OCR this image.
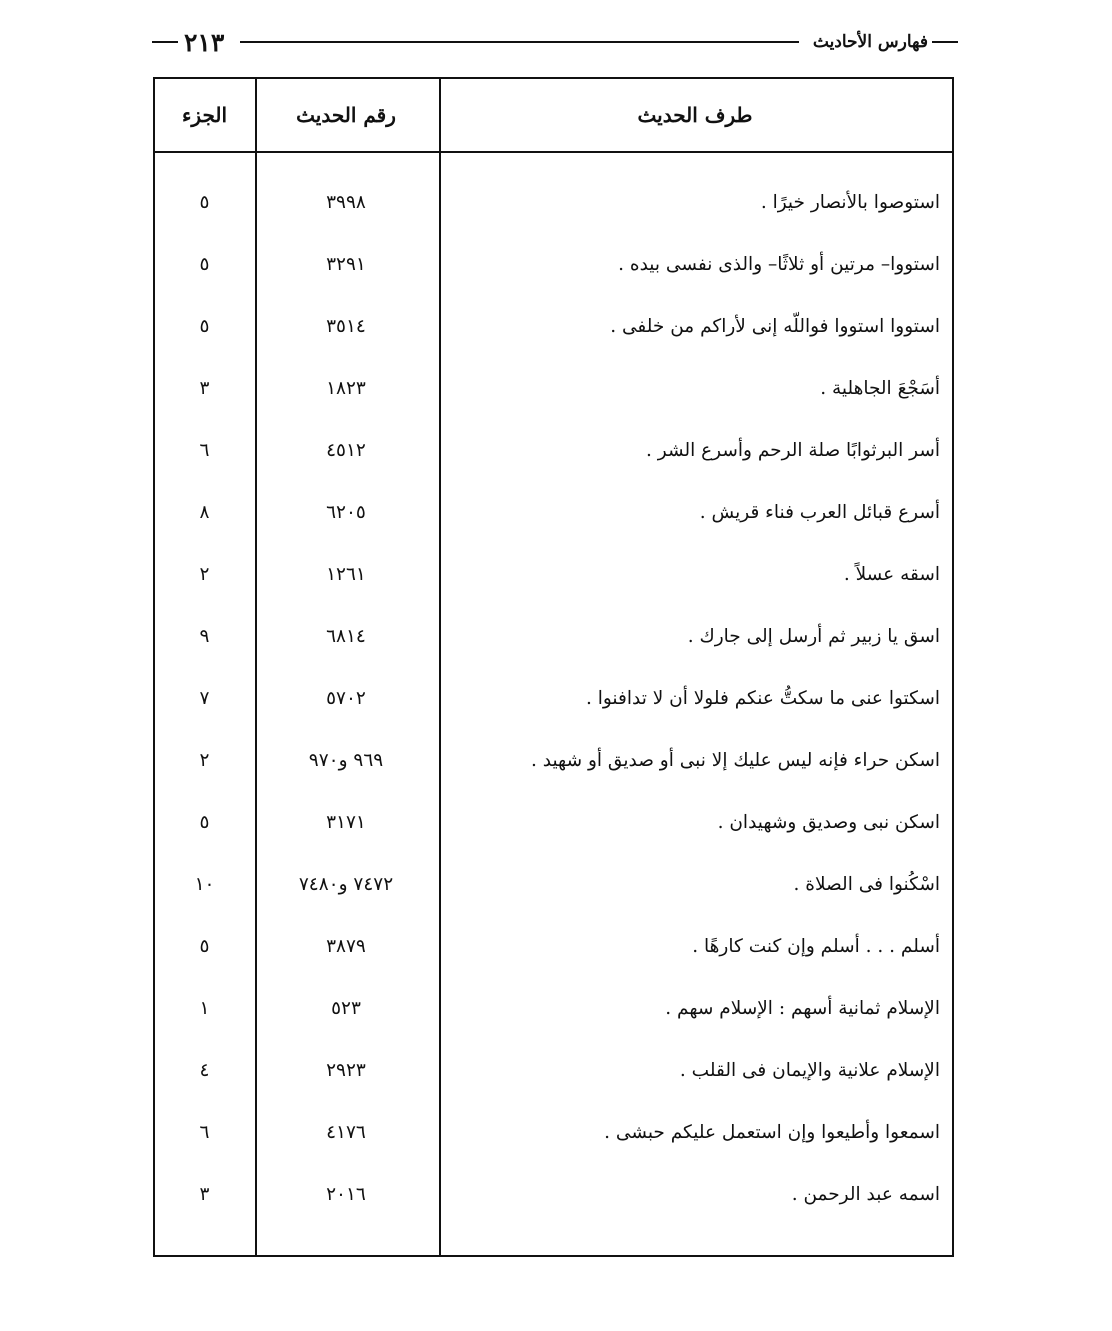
فهارس الأحاديث
٢١٣
طرف الحديث
رقم الحديث
الجزء
استوصوا بالأنصار خيرًا .
٣٩٩٨
٥
استووا– مرتين أو ثلاثًا– والذى نفسى بيده .
٣٢٩١
٥
استووا استووا فواللّه إنى لأراكم من خلفى .
٣٥١٤
٥
أسَجْعَ الجاهلية .
١٨٢٣
٣
أسر البرثوابًا صلة الرحم وأسرع الشر .
٤٥١٢
٦
أسرع قبائل العرب فناء قريش .
٦٢٠٥
٨
اسقه عسلاً .
١٢٦١
٢
اسق يا زبير ثم أرسل إلى جارك .
٦٨١٤
٩
اسكتوا عنى ما سكتُّ عنكم فلولا أن لا تدافنوا .
٥٧٠٢
٧
اسكن حراء فإنه ليس عليك إلا نبى أو صديق أو شهيد .
٩٦٩ و٩٧٠
٢
اسكن نبى وصديق وشهيدان .
٣١٧١
٥
اسْكُنوا فى الصلاة .
٧٤٧٢ و٧٤٨٠
١٠
أسلم . . . أسلم وإن كنت كارهًا .
٣٨٧٩
٥
الإسلام ثمانية أسهم : الإسلام سهم .
٥٢٣
١
الإسلام علانية والإيمان فى القلب .
٢٩٢٣
٤
اسمعوا وأطيعوا وإن استعمل عليكم حبشى .
٤١٧٦
٦
اسمه عبد الرحمن .
٢٠١٦
٣
